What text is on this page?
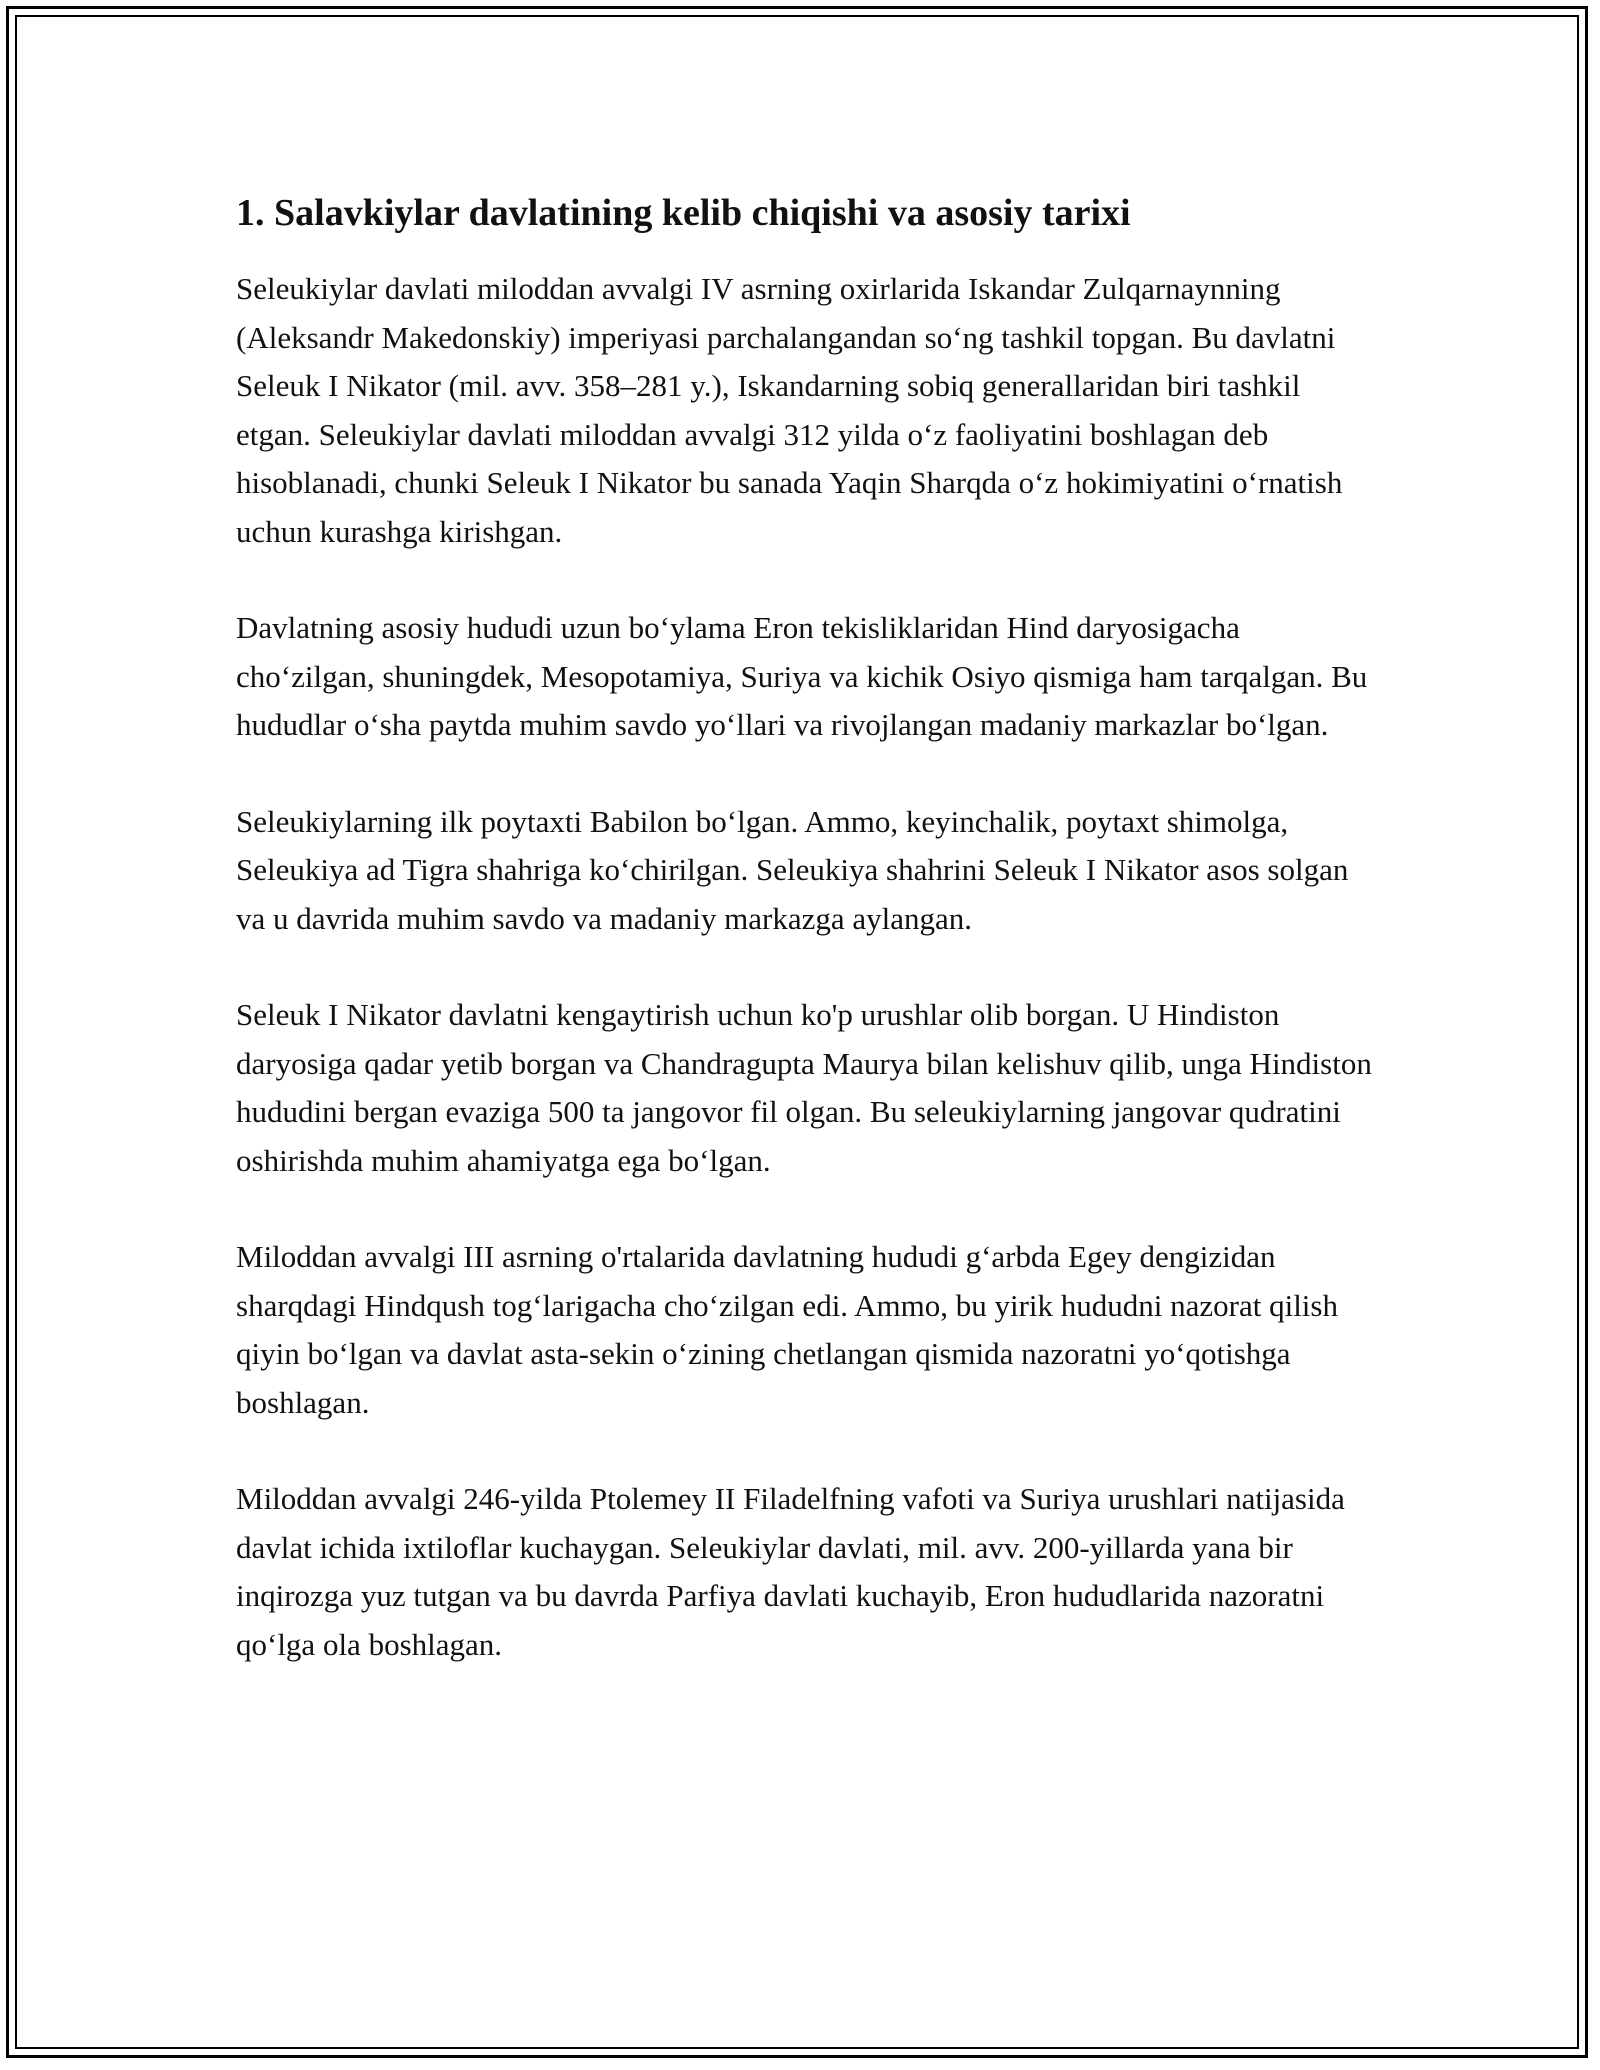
1. Salavkiylar davlatining kelib chiqishi va asosiy tarixi

Seleukiylar davlati miloddan avvalgi IV asrning oxirlarida Iskandar Zulqarnaynning (Aleksandr Makedonskiy) imperiyasi parchalangandan so‘ng tashkil topgan. Bu davlatni Seleuk I Nikator (mil. avv. 358–281 y.), Iskandarning sobiq generallaridan biri tashkil etgan. Seleukiylar davlati miloddan avvalgi 312 yilda o‘z faoliyatini boshlagan deb hisoblanadi, chunki Seleuk I Nikator bu sanada Yaqin Sharqda o‘z hokimiyatini o‘rnatish uchun kurashga kirishgan.

Davlatning asosiy hududi uzun bo‘ylama Eron tekisliklaridan Hind daryosigacha cho‘zilgan, shuningdek, Mesopotamiya, Suriya va kichik Osiyo qismiga ham tarqalgan. Bu hududlar o‘sha paytda muhim savdo yo‘llari va rivojlangan madaniy markazlar bo‘lgan.

Seleukiylarning ilk poytaxti Babilon bo‘lgan. Ammo, keyinchalik, poytaxt shimolga, Seleukiya ad Tigra shahriga ko‘chirilgan. Seleukiya shahrini Seleuk I Nikator asos solgan va u davrida muhim savdo va madaniy markazga aylangan.

Seleuk I Nikator davlatni kengaytirish uchun ko'p urushlar olib borgan. U Hindiston daryosiga qadar yetib borgan va Chandragupta Maurya bilan kelishuv qilib, unga Hindiston hududini bergan evaziga 500 ta jangovor fil olgan. Bu seleukiylarning jangovar qudratini oshirishda muhim ahamiyatga ega bo‘lgan.

Miloddan avvalgi III asrning o'rtalarida davlatning hududi g‘arbda Egey dengizidan sharqdagi Hindqush tog‘larigacha cho‘zilgan edi. Ammo, bu yirik hududni nazorat qilish qiyin bo‘lgan va davlat asta-sekin o‘zining chetlangan qismida nazoratni yo‘qotishga boshlagan.

Miloddan avvalgi 246-yilda Ptolemey II Filadelfning vafoti va Suriya urushlari natijasida davlat ichida ixtiloflar kuchaygan. Seleukiylar davlati, mil. avv. 200-yillarda yana bir inqirozga yuz tutgan va bu davrda Parfiya davlati kuchayib, Eron hududlarida nazoratni qo‘lga ola boshlagan.
